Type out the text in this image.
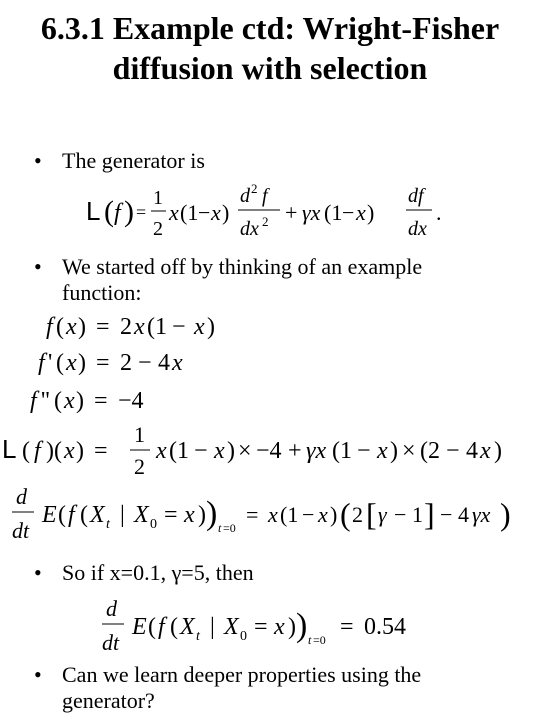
6.3.1 Example ctd: Wright-Fisher
diffusion with selection
• The generator is
L ( f ) =
1
2
x (1 − x )
d 2 f
dx 2 + γx (1 − x )
df
dx
.
• We started off by thinking of an example
function:
f ( x ) = 2 x (1 − x )
f ' ( x ) = 2 − 4 x
f '' ( x ) = −4
L ( f )( x ) =
1
2
x (1 − x ) × −4 + γx (1 − x ) × (2 − 4 x )
d
dt
E ( f ( X t | X 0 = x ) ) t =0
= x (1 − x ) ( 2 [ γ − 1 ] − 4 γx )
• So if x=0.1, γ=5, then
d
dt
E ( f ( X t | X 0 = x ) ) t =0 = 0.54
• Can we learn deeper properties using the
generator?
